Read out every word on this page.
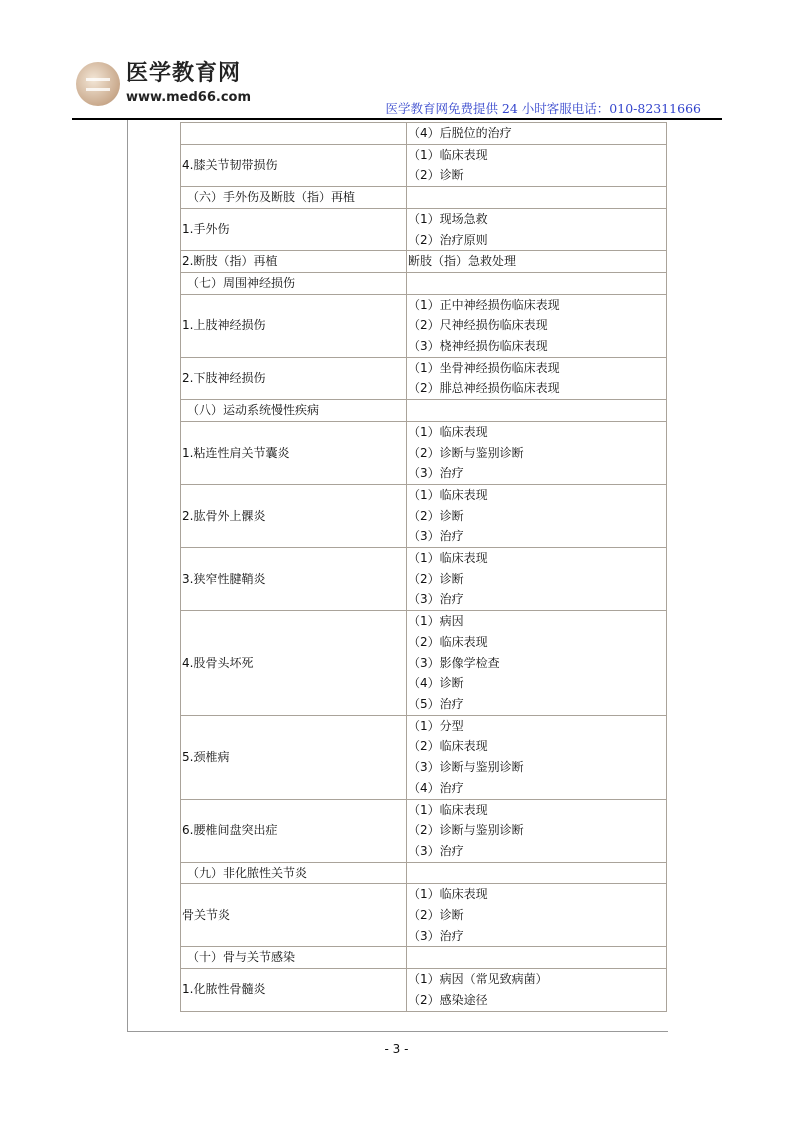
医学教育网
www.med66.com
医学教育网免费提供 24 小时客服电话：010-82311666

	（4）后脱位的治疗

4.膝关节韧带损伤	（1）临床表现
（2）诊断

（六）手外伤及断肢（指）再植	
1.手外伤	（1）现场急救
（2）治疗原则

2.断肢（指）再植	断肢（指）急救处理

（七）周围神经损伤	
1.上肢神经损伤	（1）正中神经损伤临床表现
（2）尺神经损伤临床表现
（3）桡神经损伤临床表现

2.下肢神经损伤	（1）坐骨神经损伤临床表现
（2）腓总神经损伤临床表现

（八）运动系统慢性疾病	
1.粘连性肩关节囊炎	（1）临床表现
（2）诊断与鉴别诊断
（3）治疗

2.肱骨外上髁炎	（1）临床表现
（2）诊断
（3）治疗

3.狭窄性腱鞘炎	（1）临床表现
（2）诊断
（3）治疗

4.股骨头坏死	（1）病因
（2）临床表现
（3）影像学检查
（4）诊断
（5）治疗

5.颈椎病	（1）分型
（2）临床表现
（3）诊断与鉴别诊断
（4）治疗

6.腰椎间盘突出症	（1）临床表现
（2）诊断与鉴别诊断
（3）治疗

（九）非化脓性关节炎	
骨关节炎	（1）临床表现
（2）诊断
（3）治疗

（十）骨与关节感染	
1.化脓性骨髓炎	（1）病因（常见致病菌）
（2）感染途径
- 3 -
